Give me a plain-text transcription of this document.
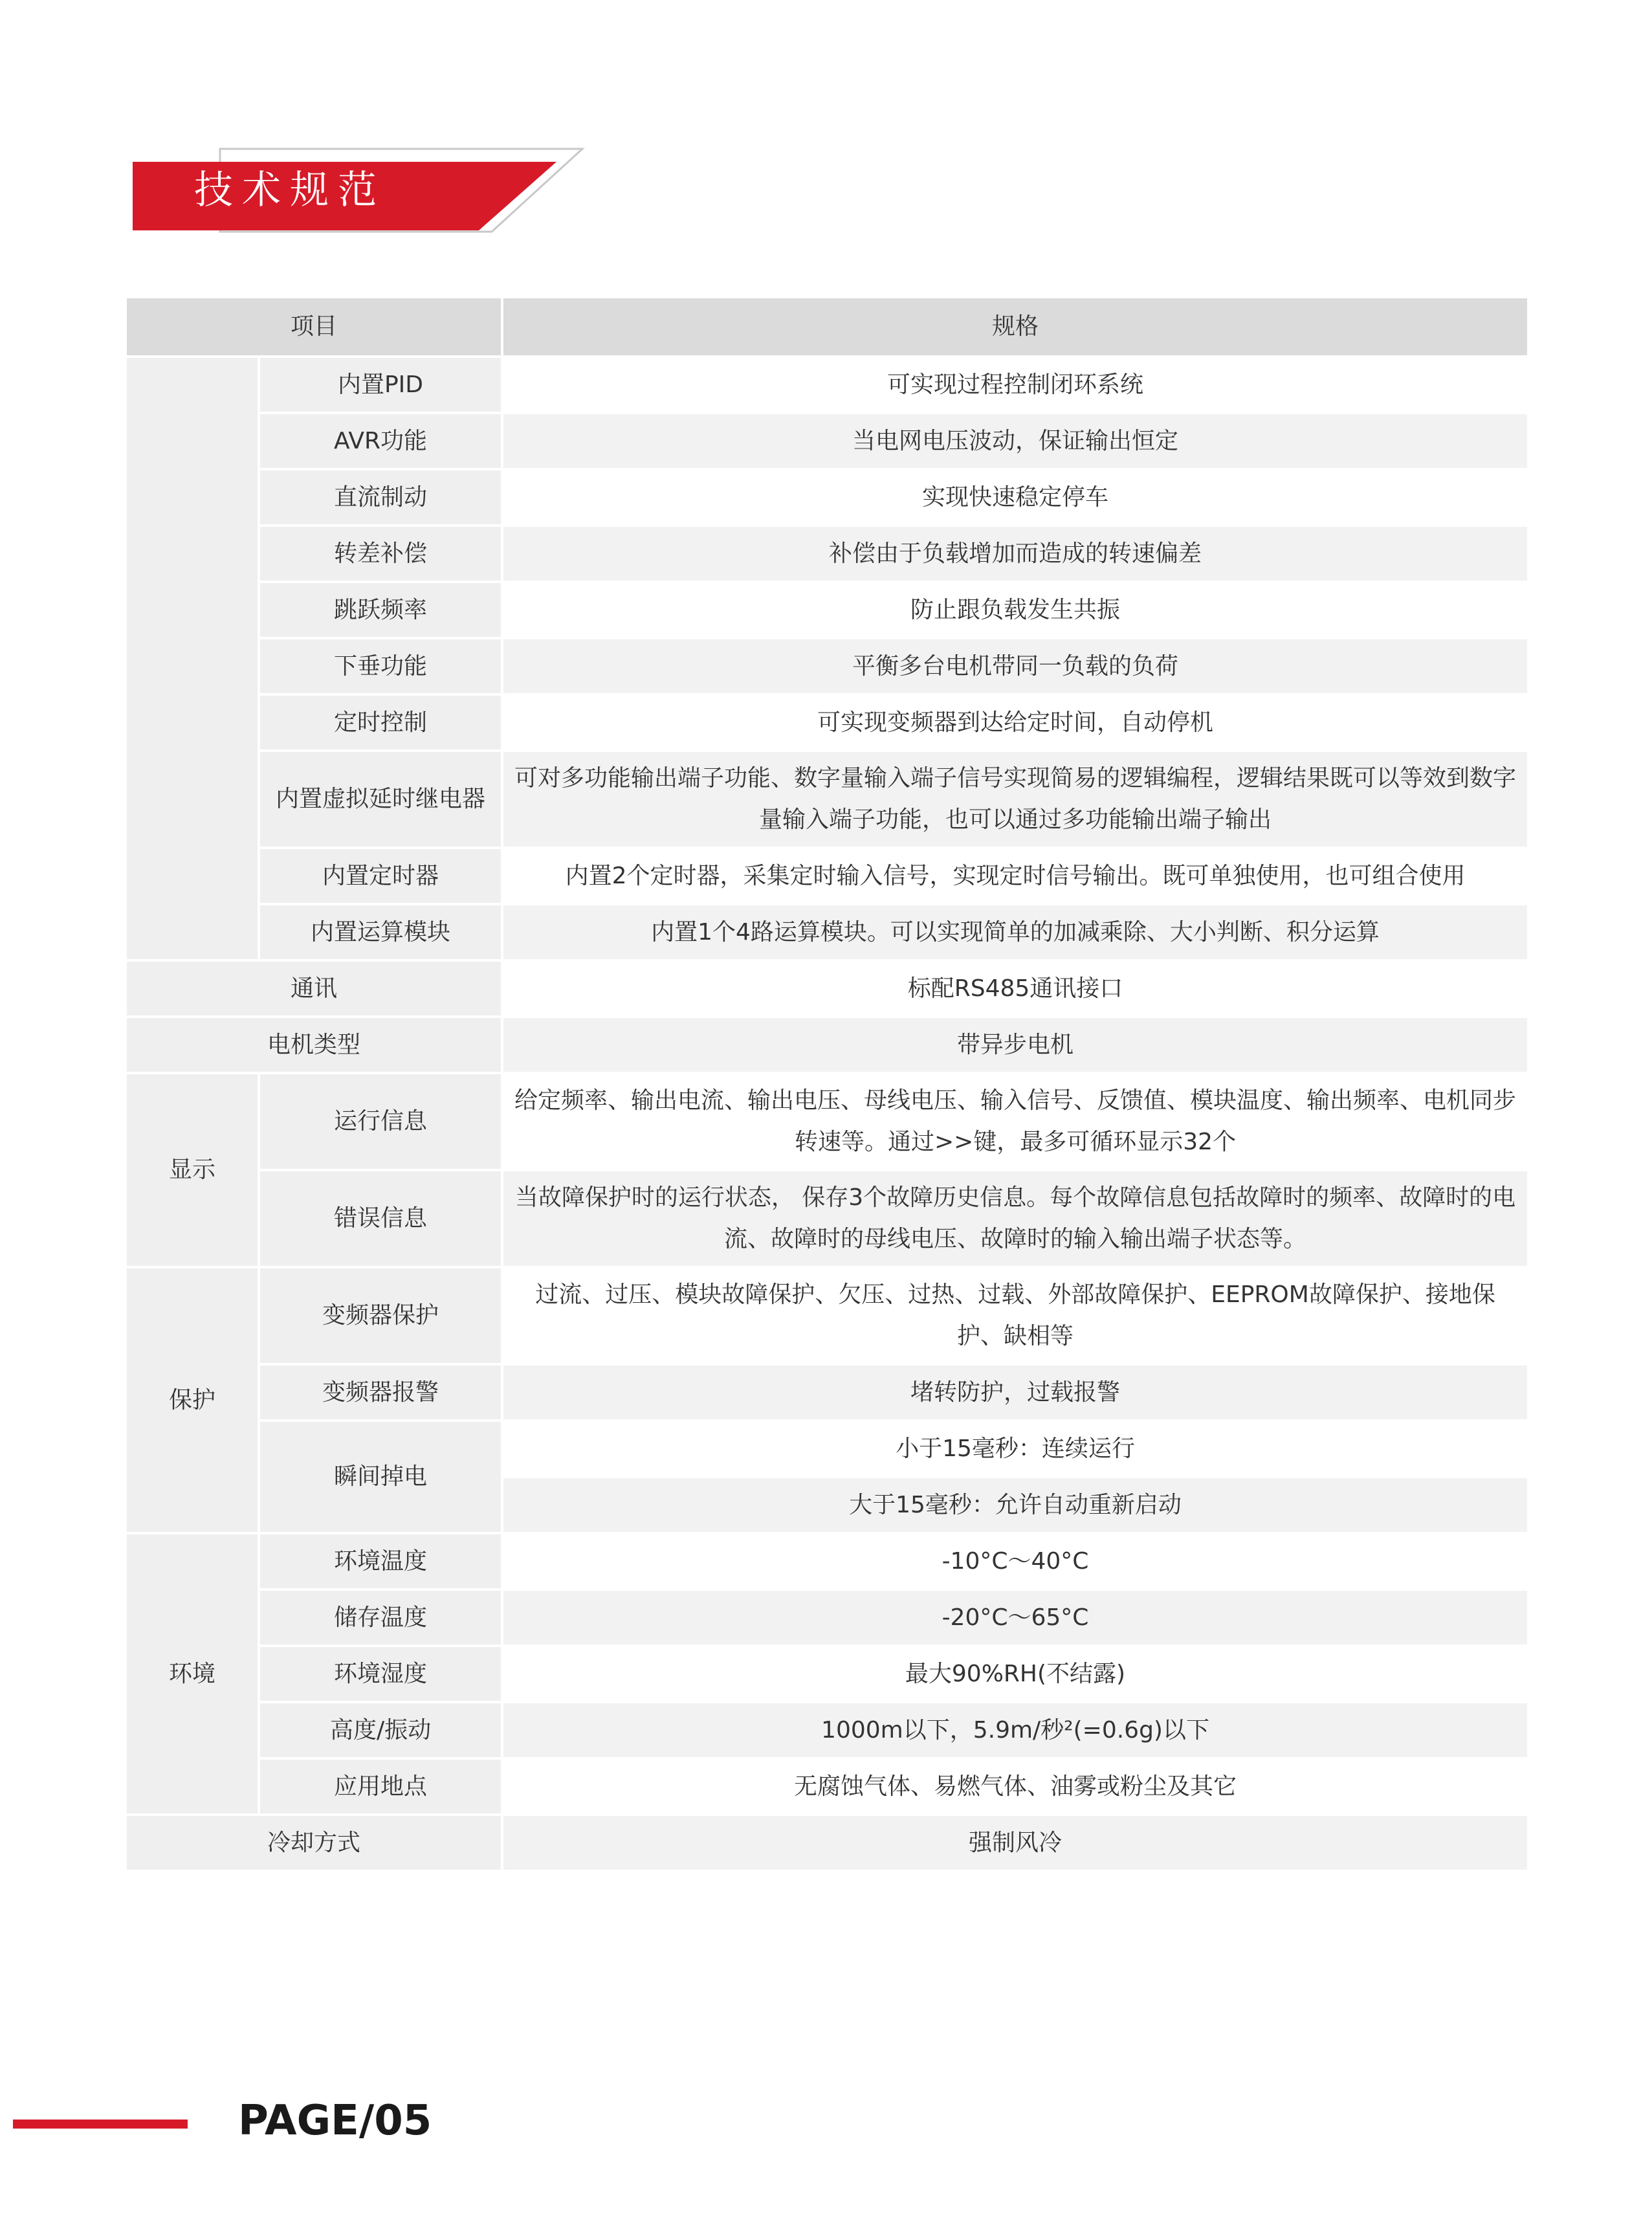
技术规范
项目		规格
	内置PID	可实现过程控制闭环系统
	AVR功能	当电网电压波动，保证输出恒定
	直流制动	实现快速稳定停车
	转差补偿	补偿由于负载增加而造成的转速偏差
	跳跃频率	防止跟负载发生共振
	下垂功能	平衡多台电机带同一负载的负荷
	定时控制	可实现变频器到达给定时间，自动停机
	内置虚拟延时继电器	可对多功能输出端子功能、数字量输入端子信号实现简易的逻辑编程，逻辑结果既可以等效到数字量输入端子功能，也可以通过多功能输出端子输出
	内置定时器	内置2个定时器，采集定时输入信号，实现定时信号输出。既可单独使用，也可组合使用
	内置运算模块	内置1个4路运算模块。可以实现简单的加减乘除、大小判断、积分运算
通讯		标配RS485通讯接口
电机类型		带异步电机
显示	运行信息	给定频率、输出电流、输出电压、母线电压、输入信号、反馈值、模块温度、输出频率、电机同步转速等。通过>>键，最多可循环显示32个
	错误信息	当故障保护时的运行状态， 保存3个故障历史信息。每个故障信息包括故障时的频率、故障时的电流、故障时的母线电压、故障时的输入输出端子状态等。
保护	变频器保护	过流、过压、模块故障保护、欠压、过热、过载、外部故障保护、EEPROM故障保护、接地保护、缺相等
	变频器报警	堵转防护，过载报警
	瞬间掉电	小于15毫秒：连续运行
		大于15毫秒：允许自动重新启动
环境	环境温度	-10°C～40°C
	储存温度	-20°C～65°C
	环境湿度	最大90%RH(不结露)
	高度/振动	1000m以下，5.9m/秒²(=0.6g)以下
	应用地点	无腐蚀气体、易燃气体、油雾或粉尘及其它
冷却方式		强制风冷
PAGE/05
